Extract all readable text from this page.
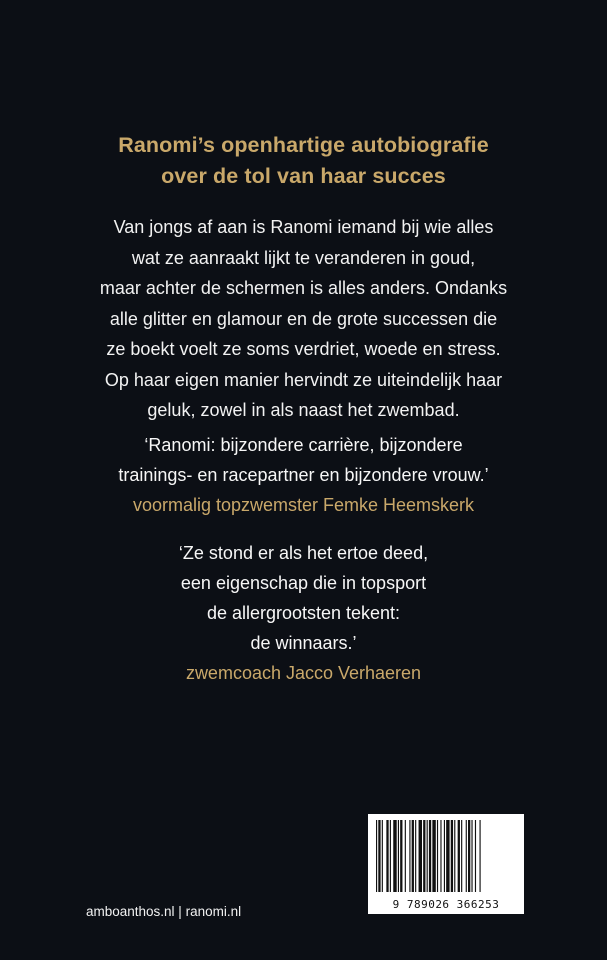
Ranomi’s openhartige autobiografie
over de tol van haar succes
Van jongs af aan is Ranomi iemand bij wie alles
wat ze aanraakt lijkt te veranderen in goud,
maar achter de schermen is alles anders. Ondanks
alle glitter en glamour en de grote successen die
ze boekt voelt ze soms verdriet, woede en stress.
Op haar eigen manier hervindt ze uiteindelijk haar
geluk, zowel in als naast het zwembad.
‘Ranomi: bijzondere carrière, bijzondere
trainings- en racepartner en bijzondere vrouw.’
voormalig topzwemster Femke Heemskerk
‘Ze stond er als het ertoe deed,
een eigenschap die in topsport
de allergrootsten tekent:
de winnaars.’
zwemcoach Jacco Verhaeren
amboanthos.nl | ranomi.nl	9 789026 366253
